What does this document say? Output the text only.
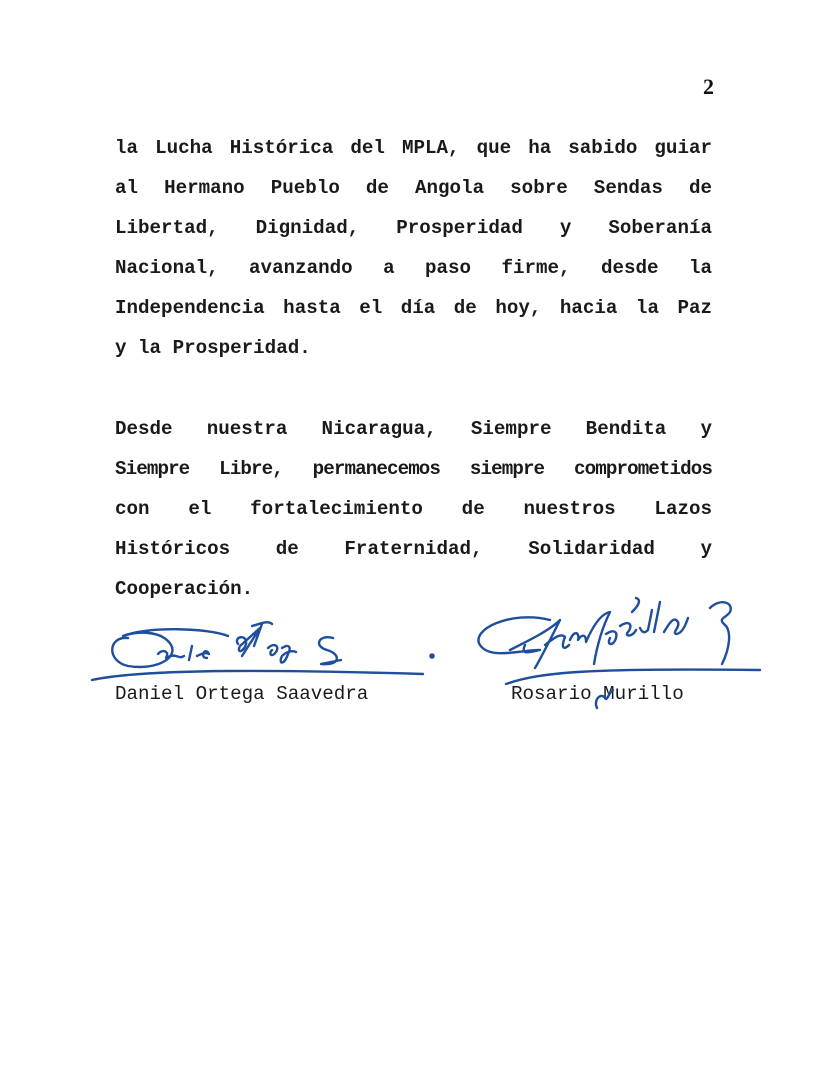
2
la Lucha Histórica del MPLA, que ha sabido guiar
al Hermano Pueblo de Angola sobre Sendas de
Libertad, Dignidad, Prosperidad y Soberanía
Nacional, avanzando a paso firme, desde la
Independencia hasta el día de hoy, hacia la Paz
y la Prosperidad.
Desde nuestra Nicaragua, Siempre Bendita y
Siempre Libre, permanecemos siempre comprometidos
con el fortalecimiento de nuestros Lazos
Históricos de Fraternidad, Solidaridad y
Cooperación.
Daniel Ortega Saavedra	Rosario Murillo
